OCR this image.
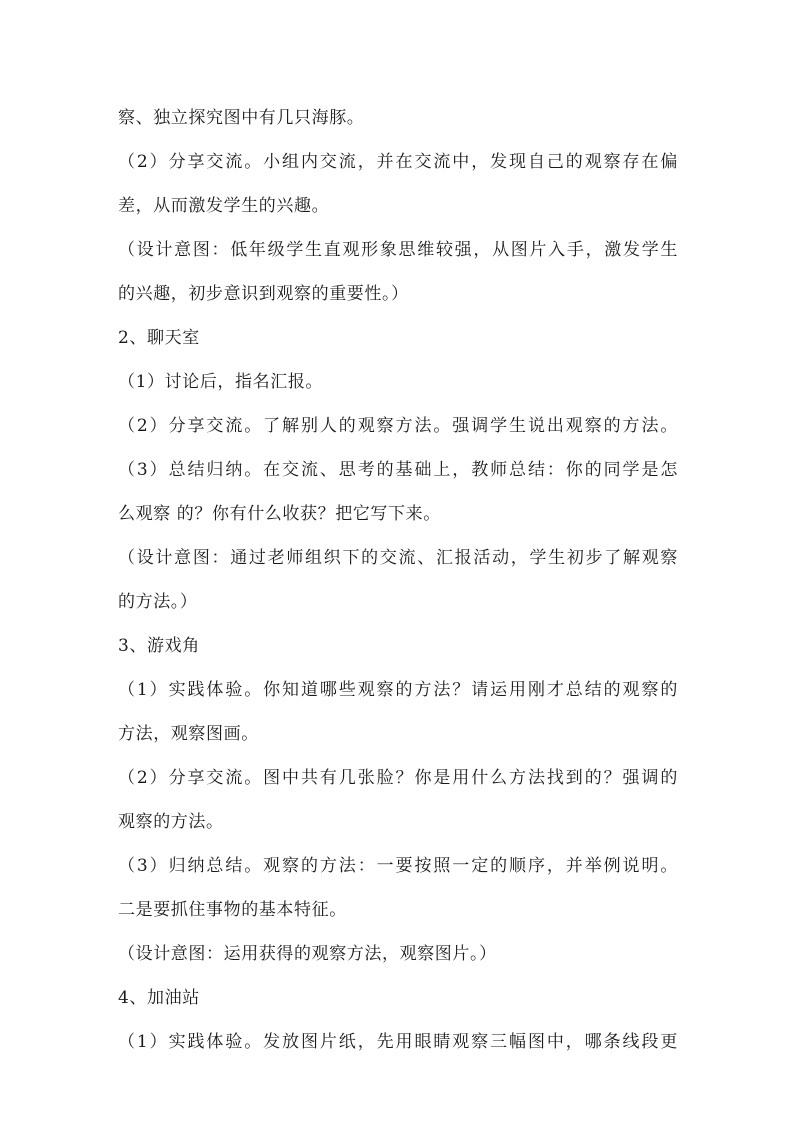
察、独立探究图中有几只海豚。
（2）分享交流。小组内交流，并在交流中，发现自己的观察存在偏
差，从而激发学生的兴趣。
（设计意图：低年级学生直观形象思维较强，从图片入手，激发学生
的兴趣，初步意识到观察的重要性。）
2、聊天室
（1）讨论后，指名汇报。
（2）分享交流。了解别人的观察方法。强调学生说出观察的方法。
（3）总结归纳。在交流、思考的基础上，教师总结：你的同学是怎
么观察 的？你有什么收获？把它写下来。
（设计意图：通过老师组织下的交流、汇报活动，学生初步了解观察
的方法。）
3、游戏角
（1）实践体验。你知道哪些观察的方法？请运用刚才总结的观察的
方法，观察图画。
（2）分享交流。图中共有几张脸？你是用什么方法找到的？强调的
观察的方法。
（3）归纳总结。观察的方法：一要按照一定的顺序，并举例说明。
二是要抓住事物的基本特征。
（设计意图：运用获得的观察方法，观察图片。）
4、加油站
（1）实践体验。发放图片纸，先用眼睛观察三幅图中，哪条线段更
